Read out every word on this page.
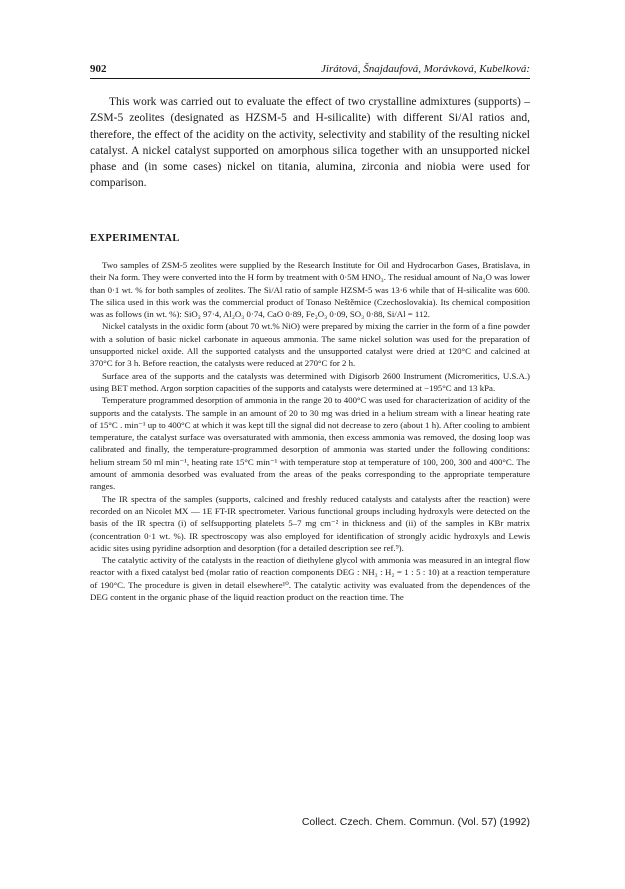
902	Jirátová, Šnajdaufová, Morávková, Kubelková:

This work was carried out to evaluate the effect of two crystalline admixtures (supports) – ZSM-5 zeolites (designated as HZSM-5 and H-silicalite) with different Si/Al ratios and, therefore, the effect of the acidity on the activity, selectivity and stability of the resulting nickel catalyst. A nickel catalyst supported on amorphous silica together with an unsupported nickel phase and (in some cases) nickel on titania, alumina, zirconia and niobia were used for comparison.

EXPERIMENTAL

Two samples of ZSM-5 zeolites were supplied by the Research Institute for Oil and Hydrocarbon Gases, Bratislava, in their Na form. They were converted into the H form by treatment with 0·5M HNO₃. The residual amount of Na₂O was lower than 0·1 wt. % for both samples of zeolites. The Si/Al ratio of sample HZSM-5 was 13·6 while that of H-silicalite was 600. The silica used in this work was the commercial product of Tonaso Neštěmice (Czechoslovakia). Its chemical composition was as follows (in wt. %): SiO₂ 97·4, Al₂O₃ 0·74, CaO 0·89, Fe₂O₃ 0·09, SO₃ 0·88, Si/Al = 112.

Nickel catalysts in the oxidic form (about 70 wt.% NiO) were prepared by mixing the carrier in the form of a fine powder with a solution of basic nickel carbonate in aqueous ammonia. The same nickel solution was used for the preparation of unsupported nickel oxide. All the supported catalysts and the unsupported catalyst were dried at 120°C and calcined at 370°C for 3 h. Before reaction, the catalysts were reduced at 270°C for 2 h.

Surface area of the supports and the catalysts was determined with Digisorb 2600 Instrument (Micromeritics, U.S.A.) using BET method. Argon sorption capacities of the supports and catalysts were determined at −195°C and 13 kPa.

Temperature programmed desorption of ammonia in the range 20 to 400°C was used for characterization of acidity of the supports and the catalysts. The sample in an amount of 20 to 30 mg was dried in a helium stream with a linear heating rate of 15°C . min⁻¹ up to 400°C at which it was kept till the signal did not decrease to zero (about 1 h). After cooling to ambient temperature, the catalyst surface was oversaturated with ammonia, then excess ammonia was removed, the dosing loop was calibrated and finally, the temperature-programmed desorption of ammonia was started under the following conditions: helium stream 50 ml min⁻¹, heating rate 15°C min⁻¹ with temperature stop at temperature of 100, 200, 300 and 400°C. The amount of ammonia desorbed was evaluated from the areas of the peaks corresponding to the appropriate temperature ranges.

The IR spectra of the samples (supports, calcined and freshly reduced catalysts and catalysts after the reaction) were recorded on an Nicolet MX — 1E FT-IR spectrometer. Various functional groups including hydroxyls were detected on the basis of the IR spectra (i) of selfsupporting platelets 5–7 mg cm⁻² in thickness and (ii) of the samples in KBr matrix (concentration 0·1 wt. %). IR spectroscopy was also employed for identification of strongly acidic hydroxyls and Lewis acidic sites using pyridine adsorption and desorption (for a detailed description see ref.⁹).

The catalytic activity of the catalysts in the reaction of diethylene glycol with ammonia was measured in an integral flow reactor with a fixed catalyst bed (molar ratio of reaction components DEG : NH₃ : H₂ = 1 : 5 : 10) at a reaction temperature of 190°C. The procedure is given in detail elsewhere¹⁰. The catalytic activity was evaluated from the dependences of the DEG content in the organic phase of the liquid reaction product on the reaction time. The

Collect. Czech. Chem. Commun. (Vol. 57) (1992)
